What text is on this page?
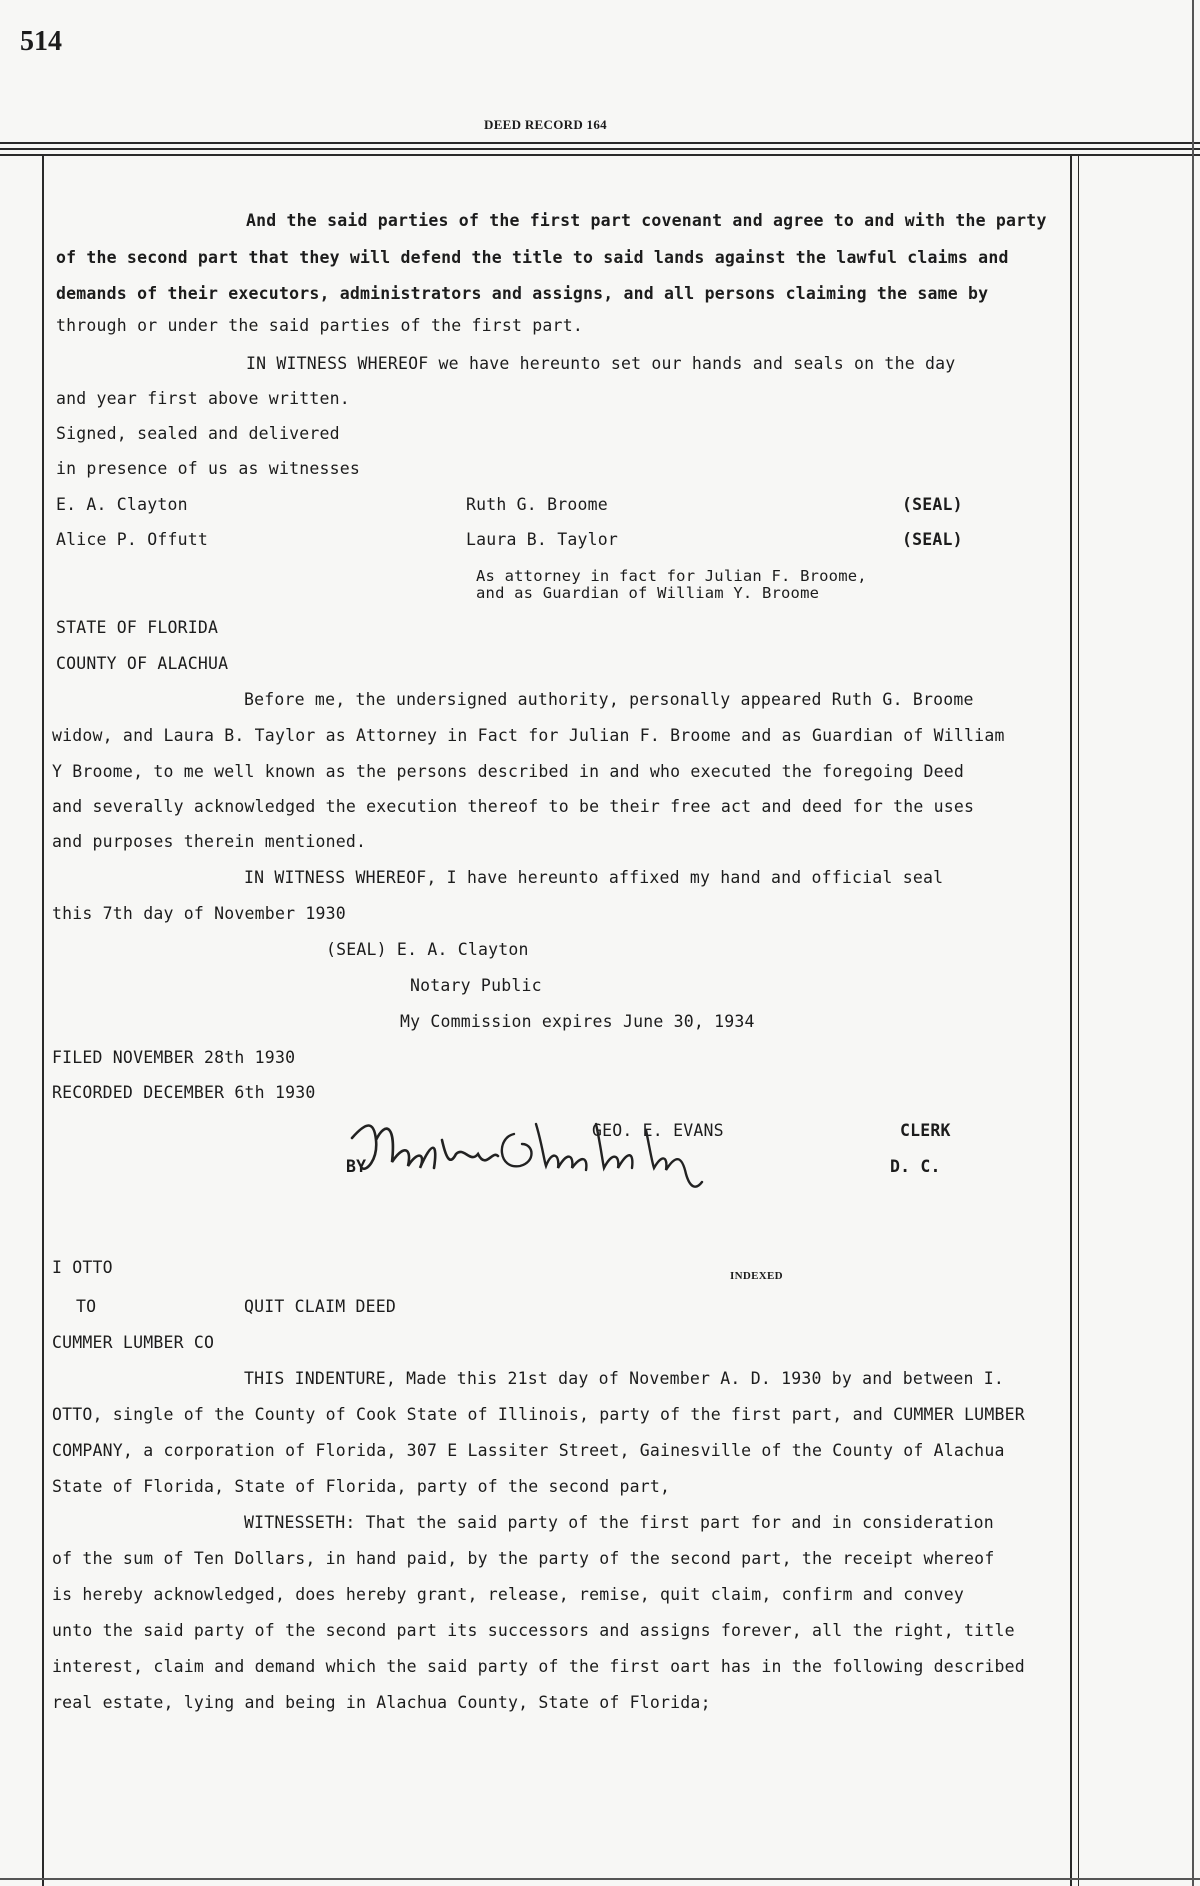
514
DEED RECORD 164
And the said parties of the first part covenant and agree to and with the party
of the second part that they will defend the title to said lands against the lawful claims and
demands of their executors, administrators and assigns, and all persons claiming the same by
through or under the said parties of the first part.
IN WITNESS WHEREOF we have hereunto set our hands and seals on the day
and year first above written.
Signed, sealed and delivered
in presence of us as witnesses
E. A. Clayton	Ruth G. Broome	(SEAL)
Alice P. Offutt	Laura B. Taylor	(SEAL)
As attorney in fact for Julian F. Broome,
and as Guardian of William Y. Broome
STATE OF FLORIDA
COUNTY OF ALACHUA
Before me, the undersigned authority, personally appeared Ruth G. Broome
widow, and Laura B. Taylor as Attorney in Fact for Julian F. Broome and as Guardian of William
Y Broome, to me well known as the persons described in and who executed the foregoing Deed
and severally acknowledged the execution thereof to be their free act and deed for the uses
and purposes therein mentioned.
IN WITNESS WHEREOF, I have hereunto affixed my hand and official seal
this 7th day of November 1930
(SEAL) E. A. Clayton
Notary Public
My Commission expires June 30, 1934
FILED NOVEMBER 28th 1930
RECORDED DECEMBER 6th 1930
GEO. E. EVANS	CLERK
BY	D. C.
I OTTO	INDEXED
TO	QUIT CLAIM DEED
CUMMER LUMBER CO
THIS INDENTURE, Made this 21st day of November A. D. 1930 by and between I.
OTTO, single of the County of Cook State of Illinois, party of the first part, and CUMMER LUMBER
COMPANY, a corporation of Florida, 307 E Lassiter Street, Gainesville of the County of Alachua
State of Florida, State of Florida, party of the second part,
WITNESSETH: That the said party of the first part for and in consideration
of the sum of Ten Dollars, in hand paid, by the party of the second part, the receipt whereof
is hereby acknowledged, does hereby grant, release, remise, quit claim, confirm and convey
unto the said party of the second part its successors and assigns forever, all the right, title
interest, claim and demand which the said party of the first oart has in the following described
real estate, lying and being in Alachua County, State of Florida;
